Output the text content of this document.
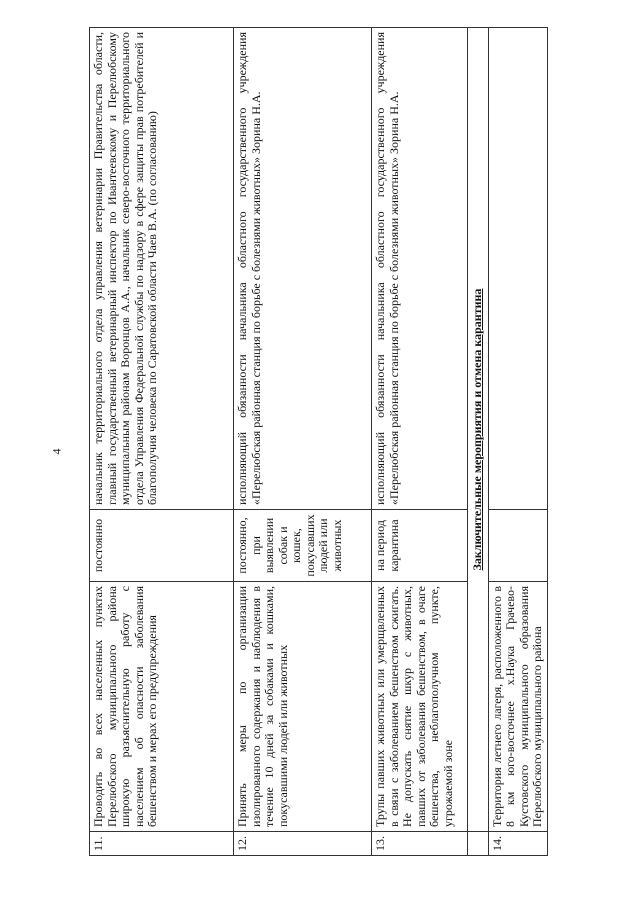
4
11.	Проводить во всех населенных пунктах Перелюбского муниципального района широкую разъяснительную работу с населением об опасности заболевания бешенством и мерах его предупреждения	постоянно	начальник территориального отдела управления ветеринарии Правительства области, главный государственный ветеринарный инспектор по Ивантеевскому и Перелюбскому муниципальным районам Воронцов А.А., начальник северо-восточного территориального отдела Управления Федеральной службы по надзору в сфере защиты прав потребителей и благополучия человека по Саратовской области Чаев В.А. (по согласованию)
12.	Принять меры по организации изолированного содержания и наблюдения в течение 10 дней за собаками и кошками, покусавшими людей или животных	постоянно, при выявлении собак и кошек, покусавших людей или животных	исполняющий обязанности начальника областного государственного учреждения «Перелюбская районная станция по борьбе с болезнями животных» Зорина Н.А.
13.	Трупы павших животных или умерщвленных в связи с заболеванием бешенством сжигать. Не допускать снятие шкур с животных, павших от заболевания бешенством, в очаге бешенства, неблагополучном пункте, угрожаемой зоне	на период карантина	исполняющий обязанности начальника областного государственного учреждения «Перелюбская районная станция по борьбе с болезнями животных» Зорина Н.А.
	Заключительные мероприятия и отмена карантина		
14.	Территория летнего лагеря, расположенного в 8 км юго-восточнее х.Наука Грачево-Кустовского муниципального образования Перелюбского муниципального района		
